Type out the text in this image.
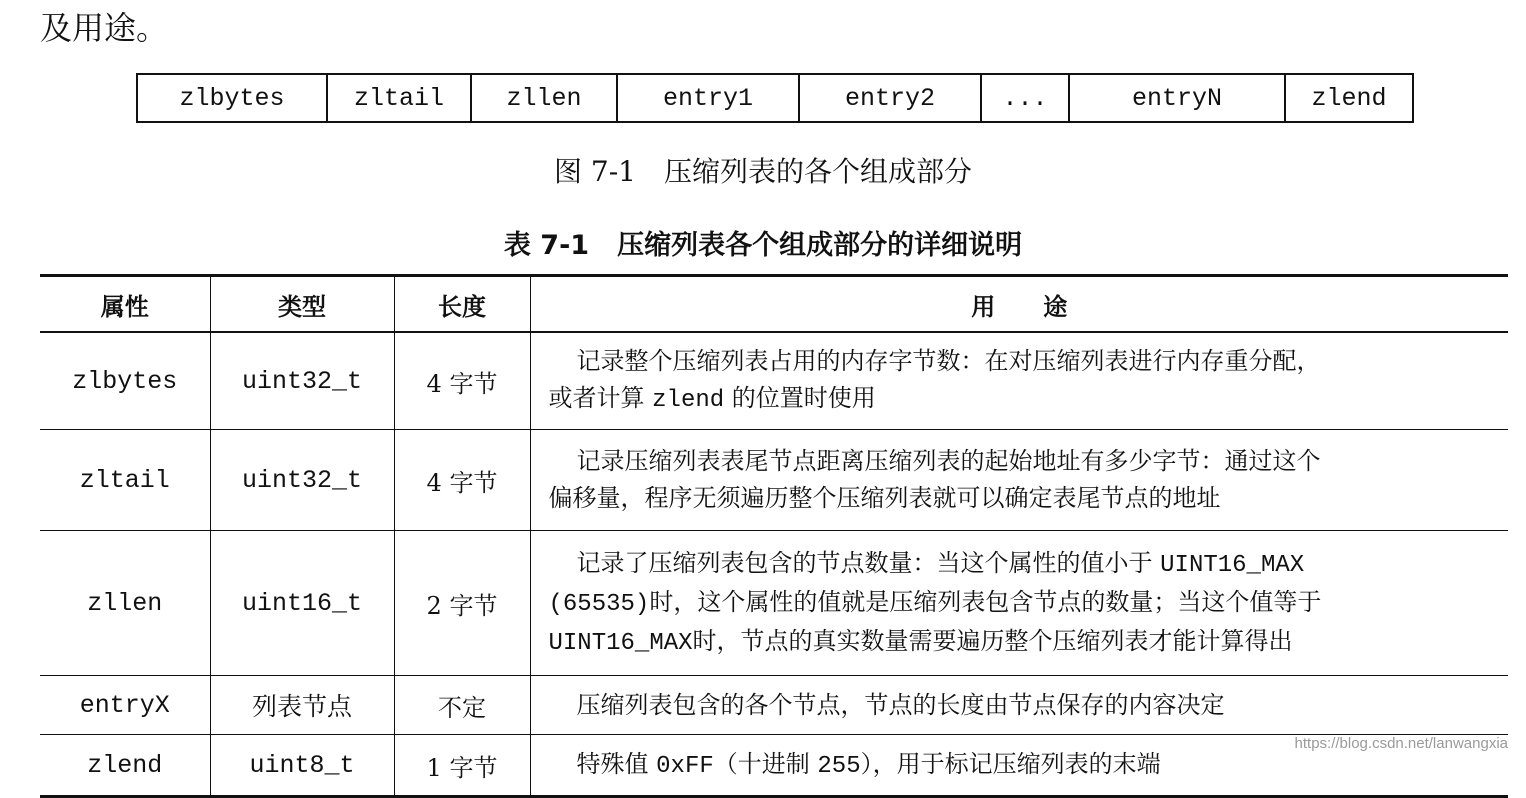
及用途。
zlbytes	zltail	zllen	entry1	entry2	...	entryN	zlend
图 7-1 压缩列表的各个组成部分
表 7-1 压缩列表各个组成部分的详细说明
属性	类型	长度	用　　途
zlbytes	uint32_t	4 字节	记录整个压缩列表占用的内存字节数：在对压缩列表进行内存重分配，
或者计算 zlend 的位置时使用

zltail	uint32_t	4 字节	记录压缩列表表尾节点距离压缩列表的起始地址有多少字节：通过这个
偏移量，程序无须遍历整个压缩列表就可以确定表尾节点的地址

zllen	uint16_t	2 字节	记录了压缩列表包含的节点数量：当这个属性的值小于 UINT16_MAX
(65535)时，这个属性的值就是压缩列表包含节点的数量；当这个值等于
UINT16_MAX时，节点的真实数量需要遍历整个压缩列表才能计算得出

entryX	列表节点	不定	压缩列表包含的各个节点，节点的长度由节点保存的内容决定

zlend	uint8_t	1 字节	特殊值 0xFF（十进制 255），用于标记压缩列表的末端
https://blog.csdn.net/lanwangxia
